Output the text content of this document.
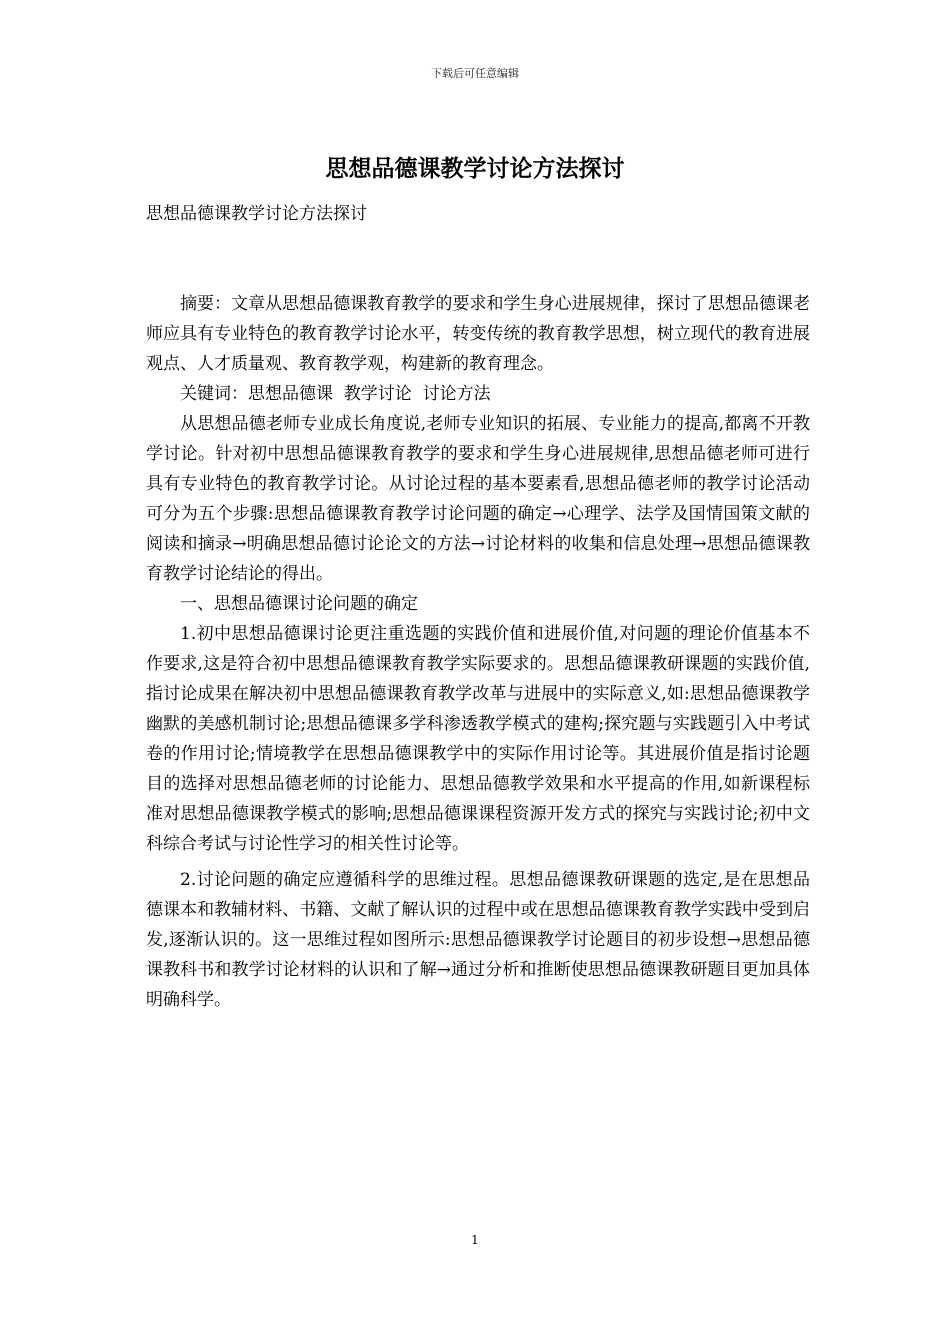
下载后可任意编辑
思想品德课教学讨论方法探讨

思想品德课教学讨论方法探讨

摘要：文章从思想品德课教育教学的要求和学生身心进展规律，探讨了思想品德课老师应具有专业特色的教育教学讨论水平，转变传统的教育教学思想，树立现代的教育进展观点、人才质量观、教育教学观，构建新的教育理念。

关键词：思想品德课  教学讨论  讨论方法

从思想品德老师专业成长角度说,老师专业知识的拓展、专业能力的提高,都离不开教学讨论。针对初中思想品德课教育教学的要求和学生身心进展规律,思想品德老师可进行具有专业特色的教育教学讨论。从讨论过程的基本要素看,思想品德老师的教学讨论活动可分为五个步骤:思想品德课教育教学讨论问题的确定→心理学、法学及国情国策文献的阅读和摘录→明确思想品德讨论论文的方法→讨论材料的收集和信息处理→思想品德课教育教学讨论结论的得出。

一、思想品德课讨论问题的确定

1.初中思想品德课讨论更注重选题的实践价值和进展价值,对问题的理论价值基本不作要求,这是符合初中思想品德课教育教学实际要求的。思想品德课教研课题的实践价值,指讨论成果在解决初中思想品德课教育教学改革与进展中的实际意义,如:思想品德课教学幽默的美感机制讨论;思想品德课多学科渗透教学模式的建构;探究题与实践题引入中考试卷的作用讨论;情境教学在思想品德课教学中的实际作用讨论等。其进展价值是指讨论题目的选择对思想品德老师的讨论能力、思想品德教学效果和水平提高的作用,如新课程标准对思想品德课教学模式的影响;思想品德课课程资源开发方式的探究与实践讨论;初中文科综合考试与讨论性学习的相关性讨论等。

2.讨论问题的确定应遵循科学的思维过程。思想品德课教研课题的选定,是在思想品德课本和教辅材料、书籍、文献了解认识的过程中或在思想品德课教育教学实践中受到启发,逐渐认识的。这一思维过程如图所示:思想品德课教学讨论题目的初步设想→思想品德课教科书和教学讨论材料的认识和了解→通过分析和推断使思想品德课教研题目更加具体明确科学。

1
